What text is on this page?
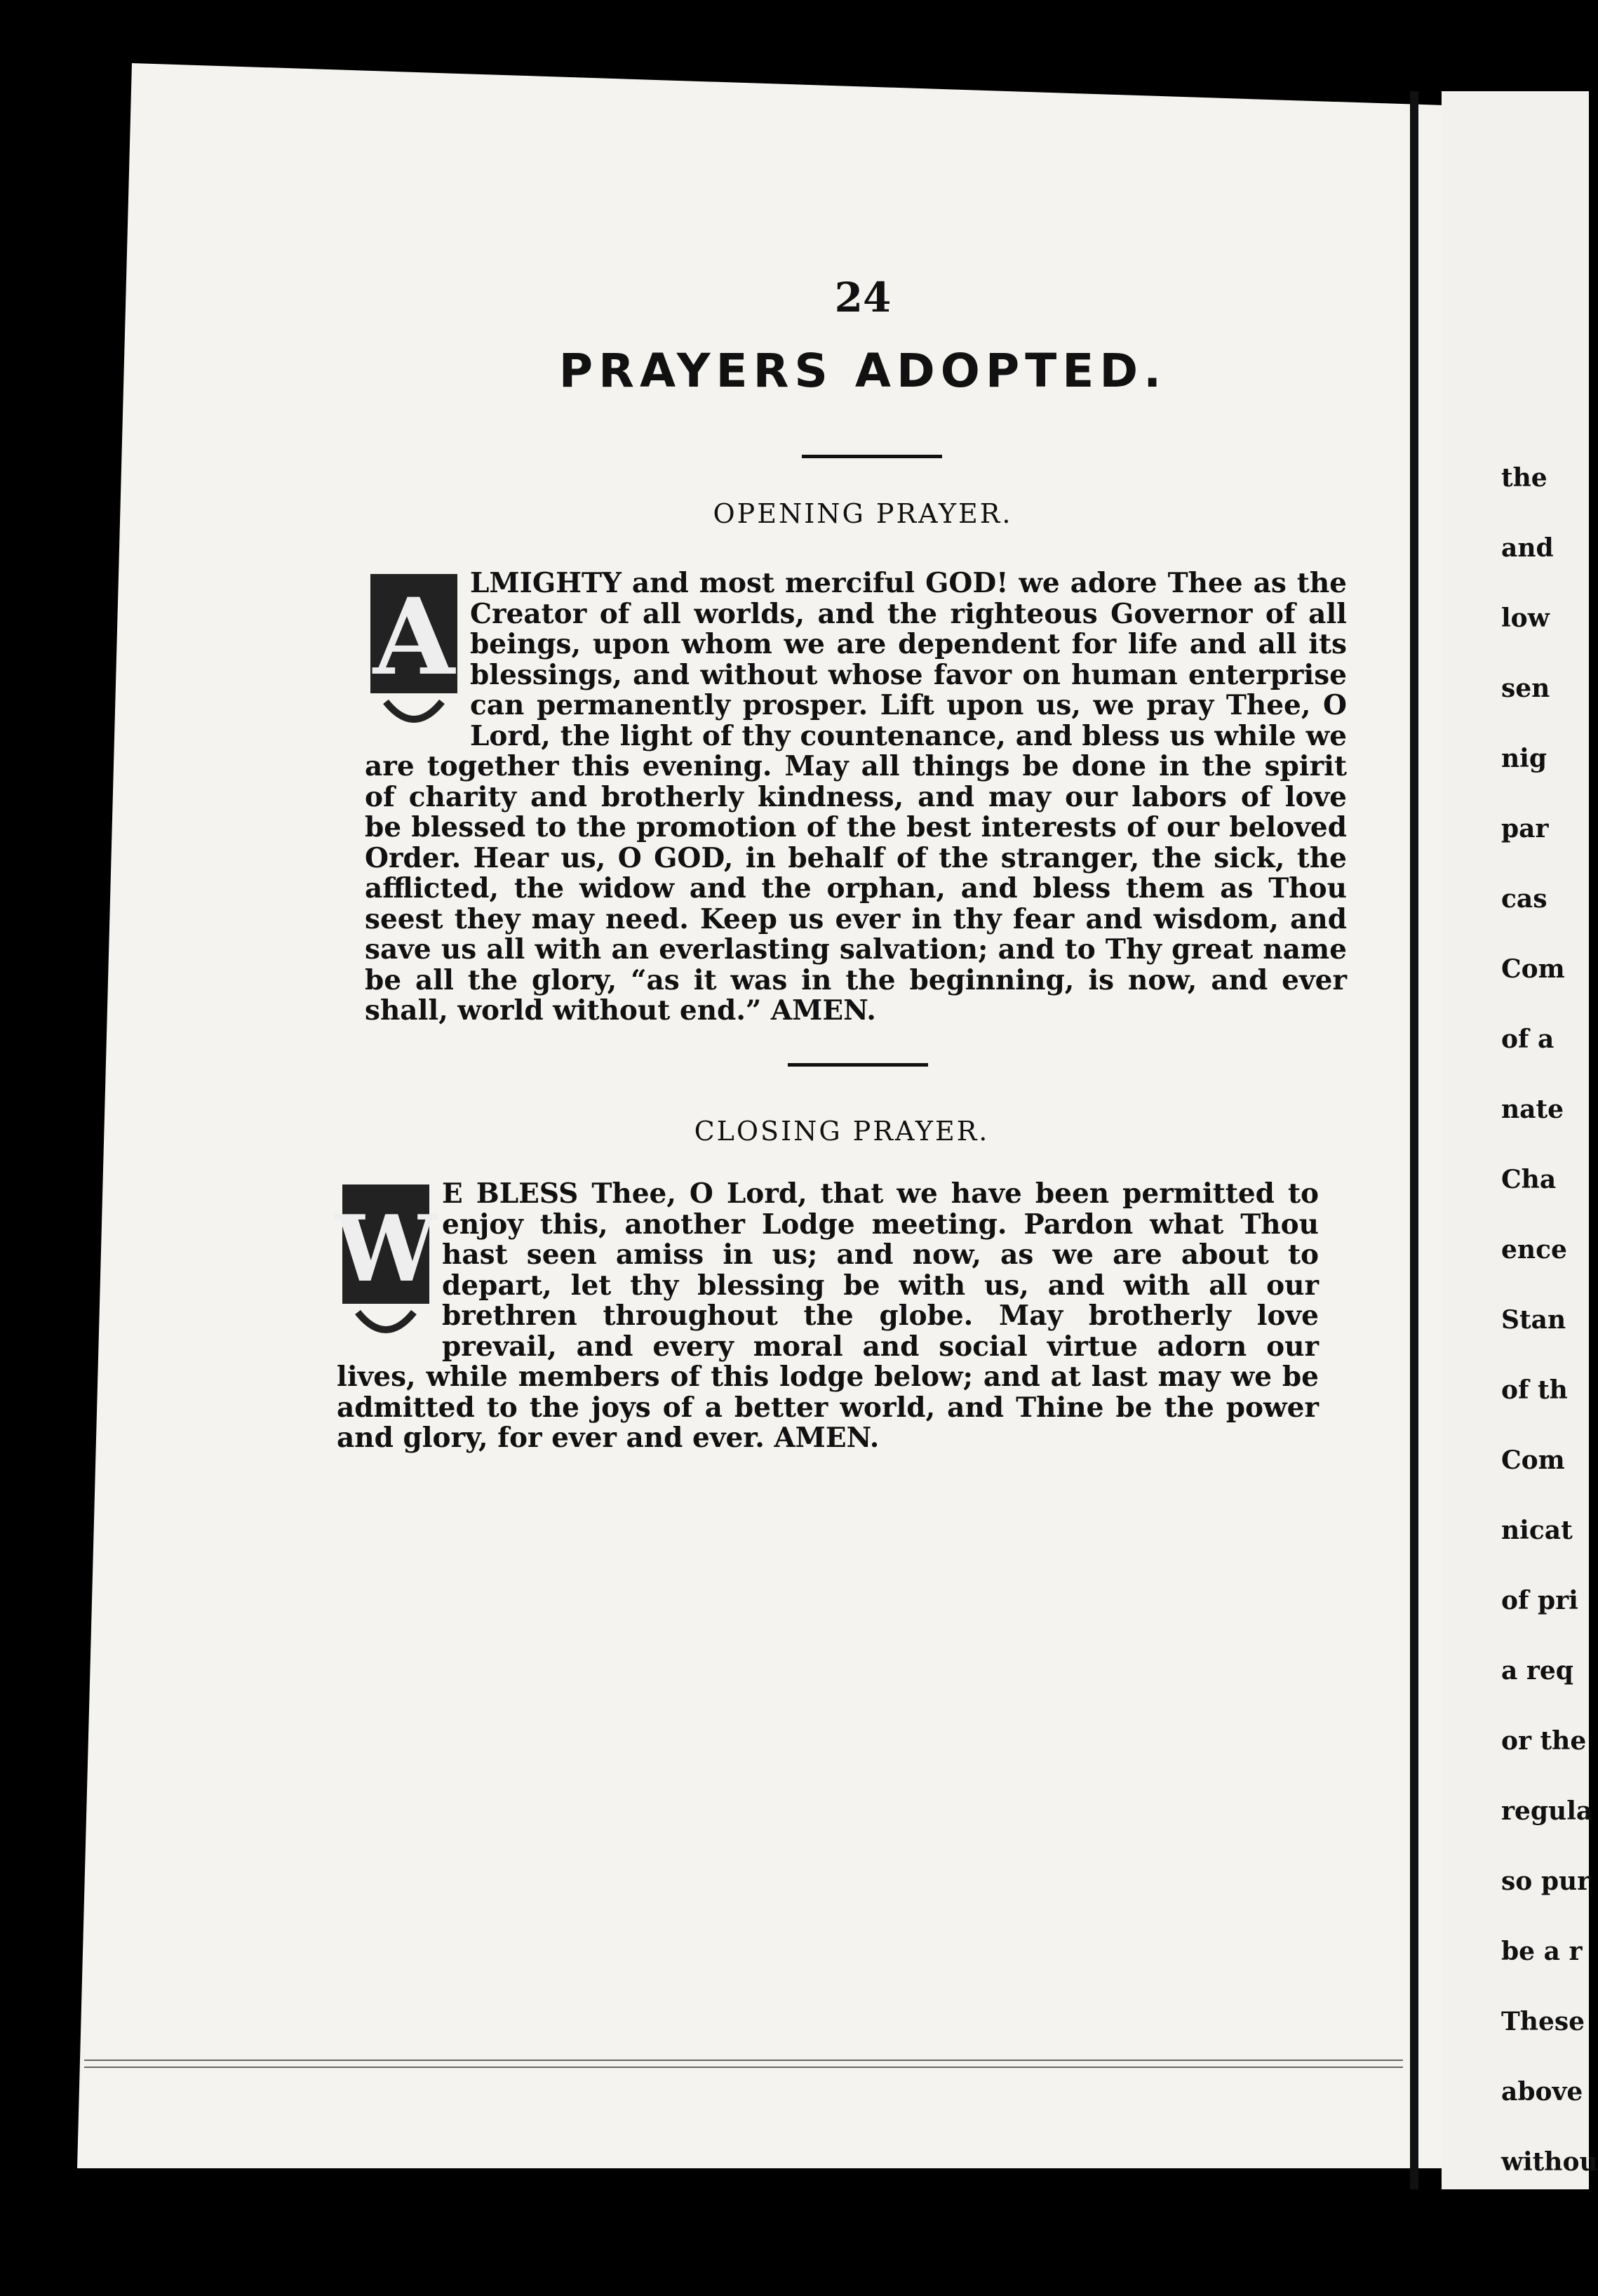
24
PRAYERS ADOPTED.
OPENING PRAYER.
A LMIGHTY and most merciful GOD! we adore Thee as the Creator of all worlds, and the righteous Governor of all beings, upon whom we are dependent for life and all its blessings, and without whose favor on human enterprise can permanently prosper. Lift upon us, we pray Thee, O Lord, the light of thy countenance, and bless us while we are together this evening. May all things be done in the spirit of charity and brotherly kindness, and may our labors of love be blessed to the promotion of the best interests of our beloved Order. Hear us, O GOD, in behalf of the stranger, the sick, the afflicted, the widow and the orphan, and bless them as Thou seest they may need. Keep us ever in thy fear and wisdom, and save us all with an everlasting salvation; and to Thy great name be all the glory, “as it was in the beginning, is now, and ever shall, world without end.” AMEN.
CLOSING PRAYER.
W
E BLESS Thee, O Lord, that we have been permitted to enjoy this, another Lodge meeting. Pardon what Thou hast seen amiss in us; and now, as we are about to depart, let thy blessing be with us, and with all our brethren throughout the globe. May brotherly love prevail, and every moral and social virtue adorn our lives, while members of this lodge below; and at last may we be admitted to the joys of a better world, and Thine be the power and glory, for ever and ever. AMEN.
the
and
low
sen
nig
par
cas
Com
of a
nate
Cha
ence
Stan
of th
Com
nicat
of pri
a req
or the
regula
so pur
be a r
These
above
withou
